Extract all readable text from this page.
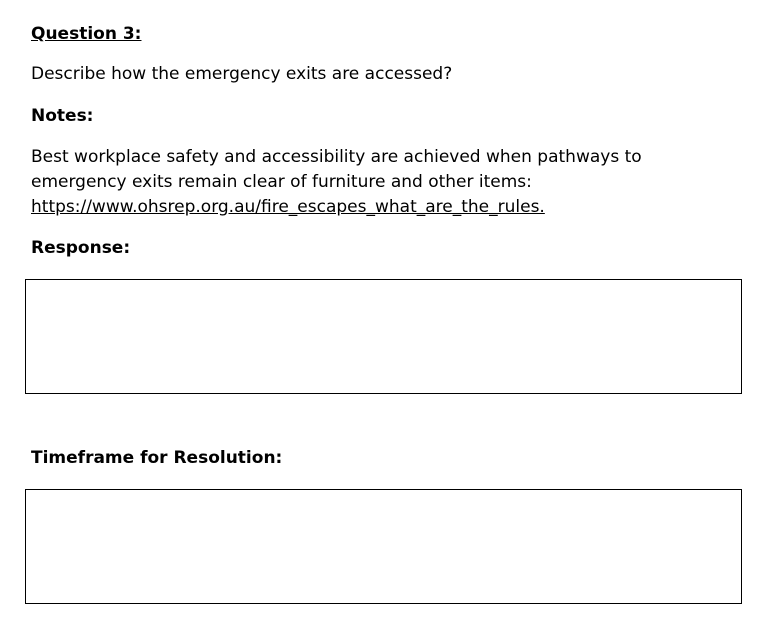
Question 3:
Describe how the emergency exits are accessed?
Notes:
Best workplace safety and accessibility are achieved when pathways to
emergency exits remain clear of furniture and other items:
https://www.ohsrep.org.au/fire_escapes_what_are_the_rules.
Response:
Timeframe for Resolution:
